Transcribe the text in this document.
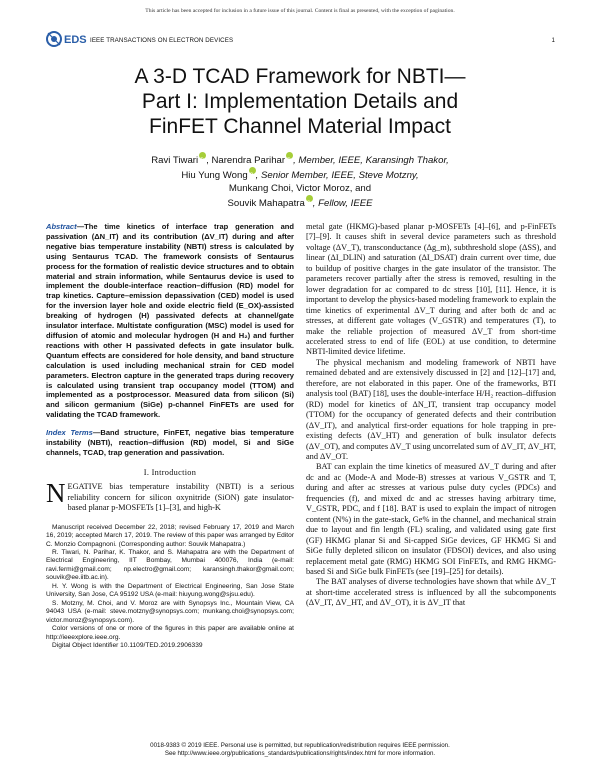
This article has been accepted for inclusion in a future issue of this journal. Content is final as presented, with the exception of pagination.
EDS IEEE TRANSACTIONS ON ELECTRON DEVICES	1
A 3-D TCAD Framework for NBTI—
Part I: Implementation Details and
FinFET Channel Material Impact
Ravi Tiwari iD , Narendra Parihar iD , Member, IEEE, Karansingh Thakor,
Hiu Yung Wong iD , Senior Member, IEEE, Steve Motzny,
Munkang Choi, Victor Moroz, and
Souvik Mahapatra iD , Fellow, IEEE
Abstract—The time kinetics of interface trap generation and passivation (ΔN_IT) and its contribution (ΔV_IT) during and after negative bias temperature instability (NBTI) stress is calculated by using Sentaurus TCAD. The framework consists of Sentaurus process for the formation of realistic device structures and to obtain material and strain information, while Sentaurus device is used to implement the double-interface reaction–diffusion (RD) model for trap kinetics. Capture–emission depassivation (CED) model is used for the inversion layer hole and oxide electric field (E_OX)-assisted breaking of hydrogen (H) passivated defects at channel/gate insulator interface. Multistate configuration (MSC) model is used for diffusion of atomic and molecular hydrogen (H and H₂) and further reactions with other H passivated defects in gate insulator bulk. Quantum effects are considered for hole density, and band structure calculation is used including mechanical strain for CED model parameters. Electron capture in the generated traps during recovery is calculated using transient trap occupancy model (TTOM) and implemented as a postprocessor. Measured data from silicon (Si) and silicon germanium (SiGe) p-channel FinFETs are used for validating the TCAD framework.
Index Terms—Band structure, FinFET, negative bias temperature instability (NBTI), reaction–diffusion (RD) model, Si and SiGe channels, TCAD, trap generation and passivation.
I. Introduction
NEGATIVE bias temperature instability (NBTI) is a serious reliability concern for silicon oxynitride (SiON) gate insulator-based planar p-MOSFETs [1]–[3], and high-K

Manuscript received December 22, 2018; revised February 17, 2019 and March 16, 2019; accepted March 17, 2019. The review of this paper was arranged by Editor C. Monzio Compagnoni. (Corresponding author: Souvik Mahapatra.)

R. Tiwari, N. Parihar, K. Thakor, and S. Mahapatra are with the Department of Electrical Engineering, IIT Bombay, Mumbai 400076, India (e-mail: ravi.fermi@gmail.com; np.electro@gmail.com; karansingh.thakor@gmail.com; souvik@ee.iitb.ac.in).

H. Y. Wong is with the Department of Electrical Engineering, San Jose State University, San Jose, CA 95192 USA (e-mail: hiuyung.wong@sjsu.edu).

S. Motzny, M. Choi, and V. Moroz are with Synopsys Inc., Mountain View, CA 94043 USA (e-mail: steve.motzny@synopsys.com; munkang.choi@synopsys.com; victor.moroz@synopsys.com).

Color versions of one or more of the figures in this paper are available online at http://ieeexplore.ieee.org.

Digital Object Identifier 10.1109/TED.2019.2906339

metal gate (HKMG)-based planar p-MOSFETs [4]–[6], and p-FinFETs [7]–[9]. It causes shift in several device parameters such as threshold voltage (ΔV_T), transconductance (Δg_m), subthreshold slope (ΔSS), and linear (ΔI_DLIN) and saturation (ΔI_DSAT) drain current over time, due to buildup of positive charges in the gate insulator of the transistor. The parameters recover partially after the stress is removed, resulting in the lower degradation for ac compared to dc stress [10], [11]. Hence, it is important to develop the physics-based modeling framework to explain the time kinetics of experimental ΔV_T during and after both dc and ac stresses, at different gate voltages (V_GSTR) and temperatures (T), to make the reliable projection of measured ΔV_T from short-time accelerated stress to end of life (EOL) at use condition, to determine NBTI-limited device lifetime.

The physical mechanism and modeling framework of NBTI have remained debated and are extensively discussed in [2] and [12]–[17] and, therefore, are not elaborated in this paper. One of the frameworks, BTI analysis tool (BAT) [18], uses the double-interface H/H₂ reaction–diffusion (RD) model for kinetics of ΔN_IT, transient trap occupancy model (TTOM) for the occupancy of generated defects and their contribution (ΔV_IT), and analytical first-order equations for hole trapping in pre-existing defects (ΔV_HT) and generation of bulk insulator defects (ΔV_OT), and computes ΔV_T using uncorrelated sum of ΔV_IT, ΔV_HT, and ΔV_OT.

BAT can explain the time kinetics of measured ΔV_T during and after dc and ac (Mode-A and Mode-B) stresses at various V_GSTR and T, during and after ac stresses at various pulse duty cycles (PDCs) and frequencies (f), and mixed dc and ac stresses having arbitrary time, V_GSTR, PDC, and f [18]. BAT is used to explain the impact of nitrogen content (N%) in the gate-stack, Ge% in the channel, and mechanical strain due to layout and fin length (FL) scaling, and validated using gate first (GF) HKMG planar Si and Si-capped SiGe devices, GF HKMG Si and SiGe fully depleted silicon on insulator (FDSOI) devices, and also using replacement metal gate (RMG) HKMG SOI FinFETs, and RMG HKMG-based Si and SiGe bulk FinFETs (see [19]–[25] for details).

The BAT analyses of diverse technologies have shown that while ΔV_T at short-time accelerated stress is influenced by all the subcomponents (ΔV_IT, ΔV_HT, and ΔV_OT), it is ΔV_IT that

0018-9383 © 2019 IEEE. Personal use is permitted, but republication/redistribution requires IEEE permission.
See http://www.ieee.org/publications_standards/publications/rights/index.html for more information.
